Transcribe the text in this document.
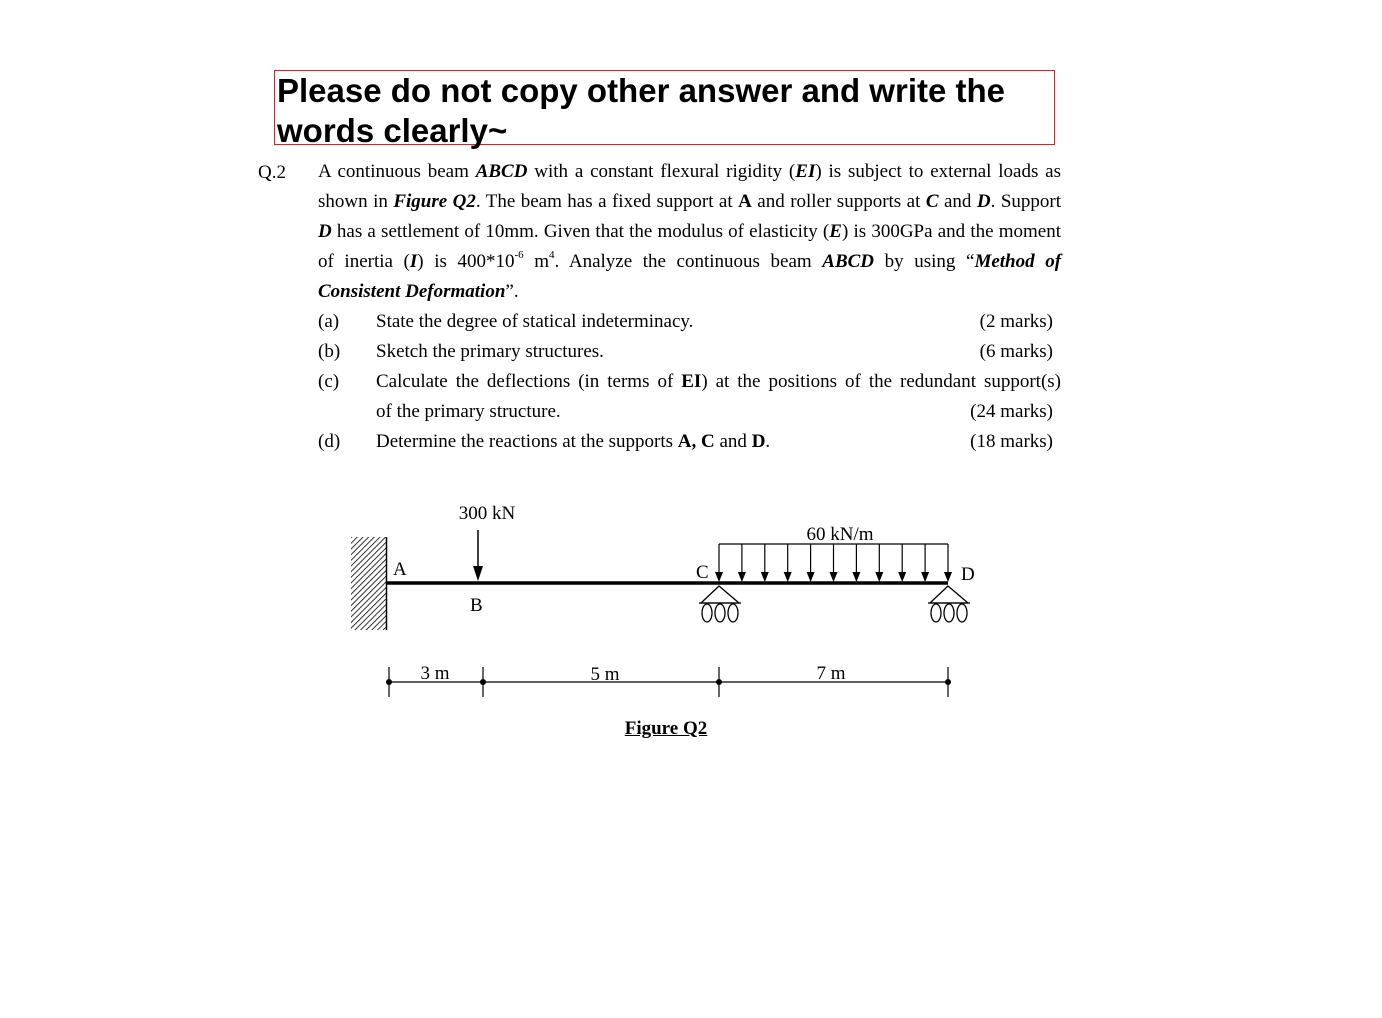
Please do not copy other answer and write the words clearly~
Q.2 A continuous beam ABCD with a constant flexural rigidity (EI) is subject to external loads as shown in Figure Q2. The beam has a fixed support at A and roller supports at C and D. Support D has a settlement of 10mm. Given that the modulus of elasticity (E) is 300GPa and the moment of inertia (I) is $400*10^{-6}$ $m^4$. Analyze the continuous beam ABCD by using “Method of Consistent Deformation”.
(a) State the degree of statical indeterminacy.	(2 marks)
(b) Sketch the primary structures.	(6 marks)
(c) Calculate the deflections (in terms of EI) at the positions of the redundant support(s)
of the primary structure.	(24 marks)
(d) Determine the reactions at the supports A, C and D.	(18 marks)
300 kN
60 kN/m
A
B
C	D
3 m	5 m	7 m
Figure Q2
